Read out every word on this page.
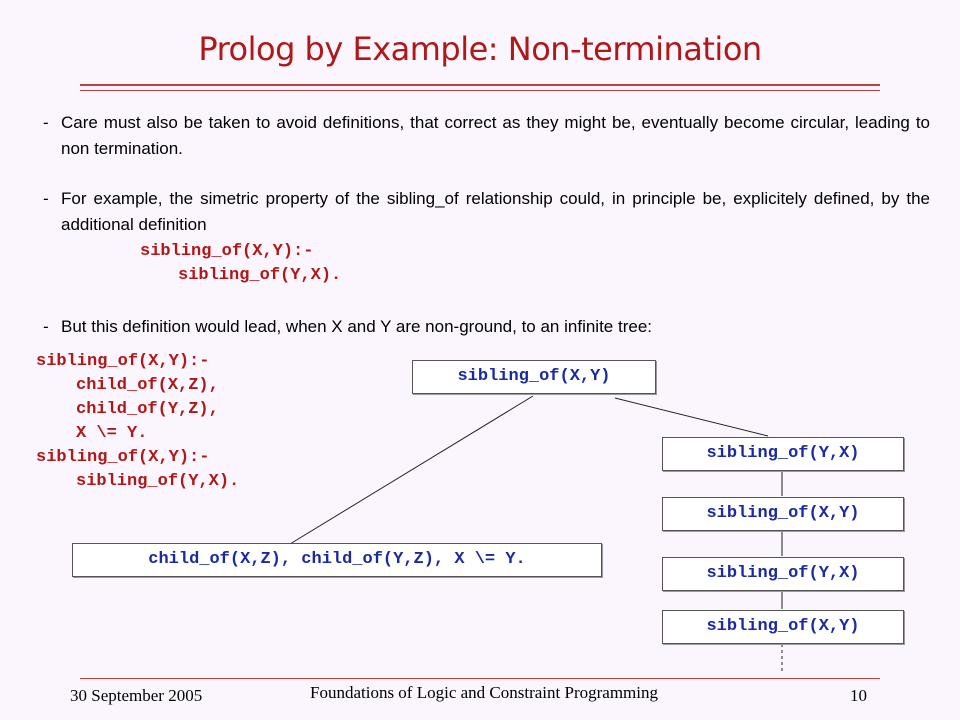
Prolog by Example: Non-termination
- Care must also be taken to avoid definitions, that correct as they might be, eventually become circular, leading to non termination.
- For example, the simetric property of the sibling_of relationship could, in principle be, explicitely defined, by the additional definition
sibling_of(X,Y):-
sibling_of(Y,X).
- But this definition would lead, when X and Y are non-ground, to an infinite tree:
sibling_of(X,Y):-
child_of(X,Z),
child_of(Y,Z),
X \= Y.
sibling_of(X,Y):-
sibling_of(Y,X).
sibling_of(X,Y)
child_of(X,Z), child_of(Y,Z), X \= Y.
sibling_of(Y,X)
sibling_of(X,Y)
sibling_of(Y,X)
sibling_of(X,Y)
30 September 2005	Foundations of Logic and Constraint Programming	10
